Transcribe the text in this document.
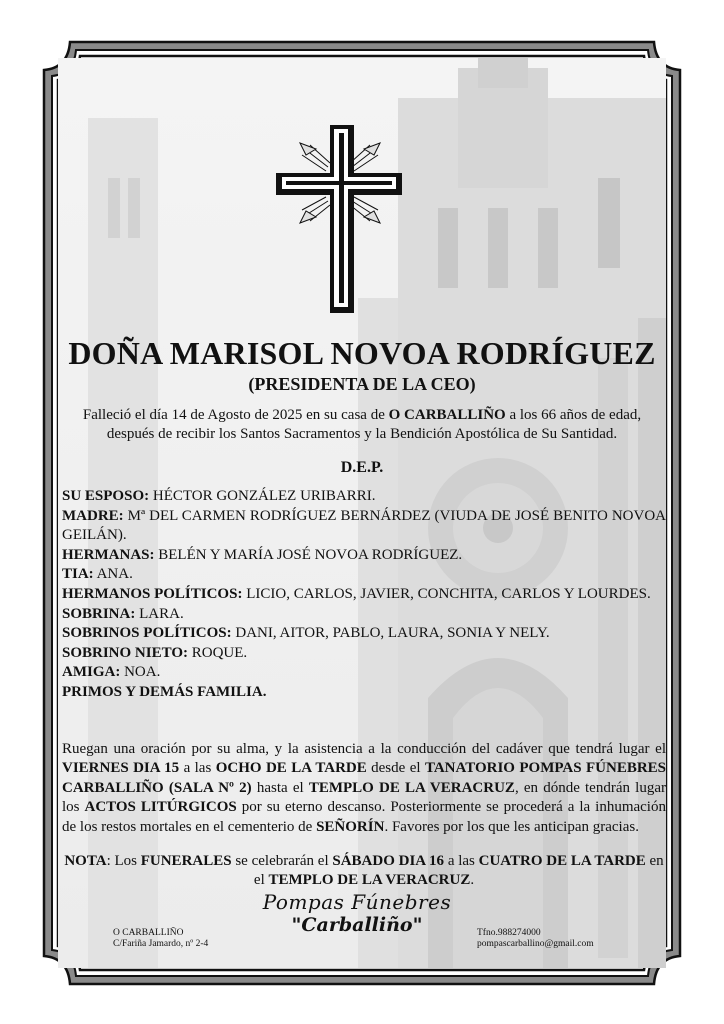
DOÑA MARISOL NOVOA RODRÍGUEZ
(PRESIDENTA DE LA CEO)
Falleció el día 14 de Agosto de 2025 en su casa de O CARBALLIÑO a los 66 años de edad, después de recibir los Santos Sacramentos y la Bendición Apostólica de Su Santidad.
D.E.P.

SU ESPOSO: HÉCTOR GONZÁLEZ URIBARRI.

MADRE: Mª DEL CARMEN RODRÍGUEZ BERNÁRDEZ (VIUDA DE JOSÉ BENITO NOVOA GEILÁN).

HERMANAS: BELÉN Y MARÍA JOSÉ NOVOA RODRÍGUEZ.

TIA: ANA.

HERMANOS POLÍTICOS: LICIO, CARLOS, JAVIER, CONCHITA, CARLOS Y LOURDES.

SOBRINA: LARA.

SOBRINOS POLÍTICOS: DANI, AITOR, PABLO, LAURA, SONIA Y NELY.

SOBRINO NIETO: ROQUE.

AMIGA: NOA.

PRIMOS Y DEMÁS FAMILIA.

Ruegan una oración por su alma, y la asistencia a la conducción del cadáver que tendrá lugar el VIERNES DIA 15 a las OCHO DE LA TARDE desde el TANATORIO POMPAS FÚNEBRES CARBALLIÑO (SALA Nº 2) hasta el TEMPLO DE LA VERACRUZ, en dónde tendrán lugar los ACTOS LITÚRGICOS por su eterno descanso. Posteriormente se procederá a la inhumación de los restos mortales en el cementerio de SEÑORÍN. Favores por los que les anticipan gracias.
NOTA: Los FUNERALES se celebrarán el SÁBADO DIA 16 a las CUATRO DE LA TARDE en el TEMPLO DE LA VERACRUZ.
Pompas Fúnebres
"Carballiño"
O CARBALLIÑO
C/Fariña Jamardo, nº 2-4
Tfno.988274000
pompascarballino@gmail.com
